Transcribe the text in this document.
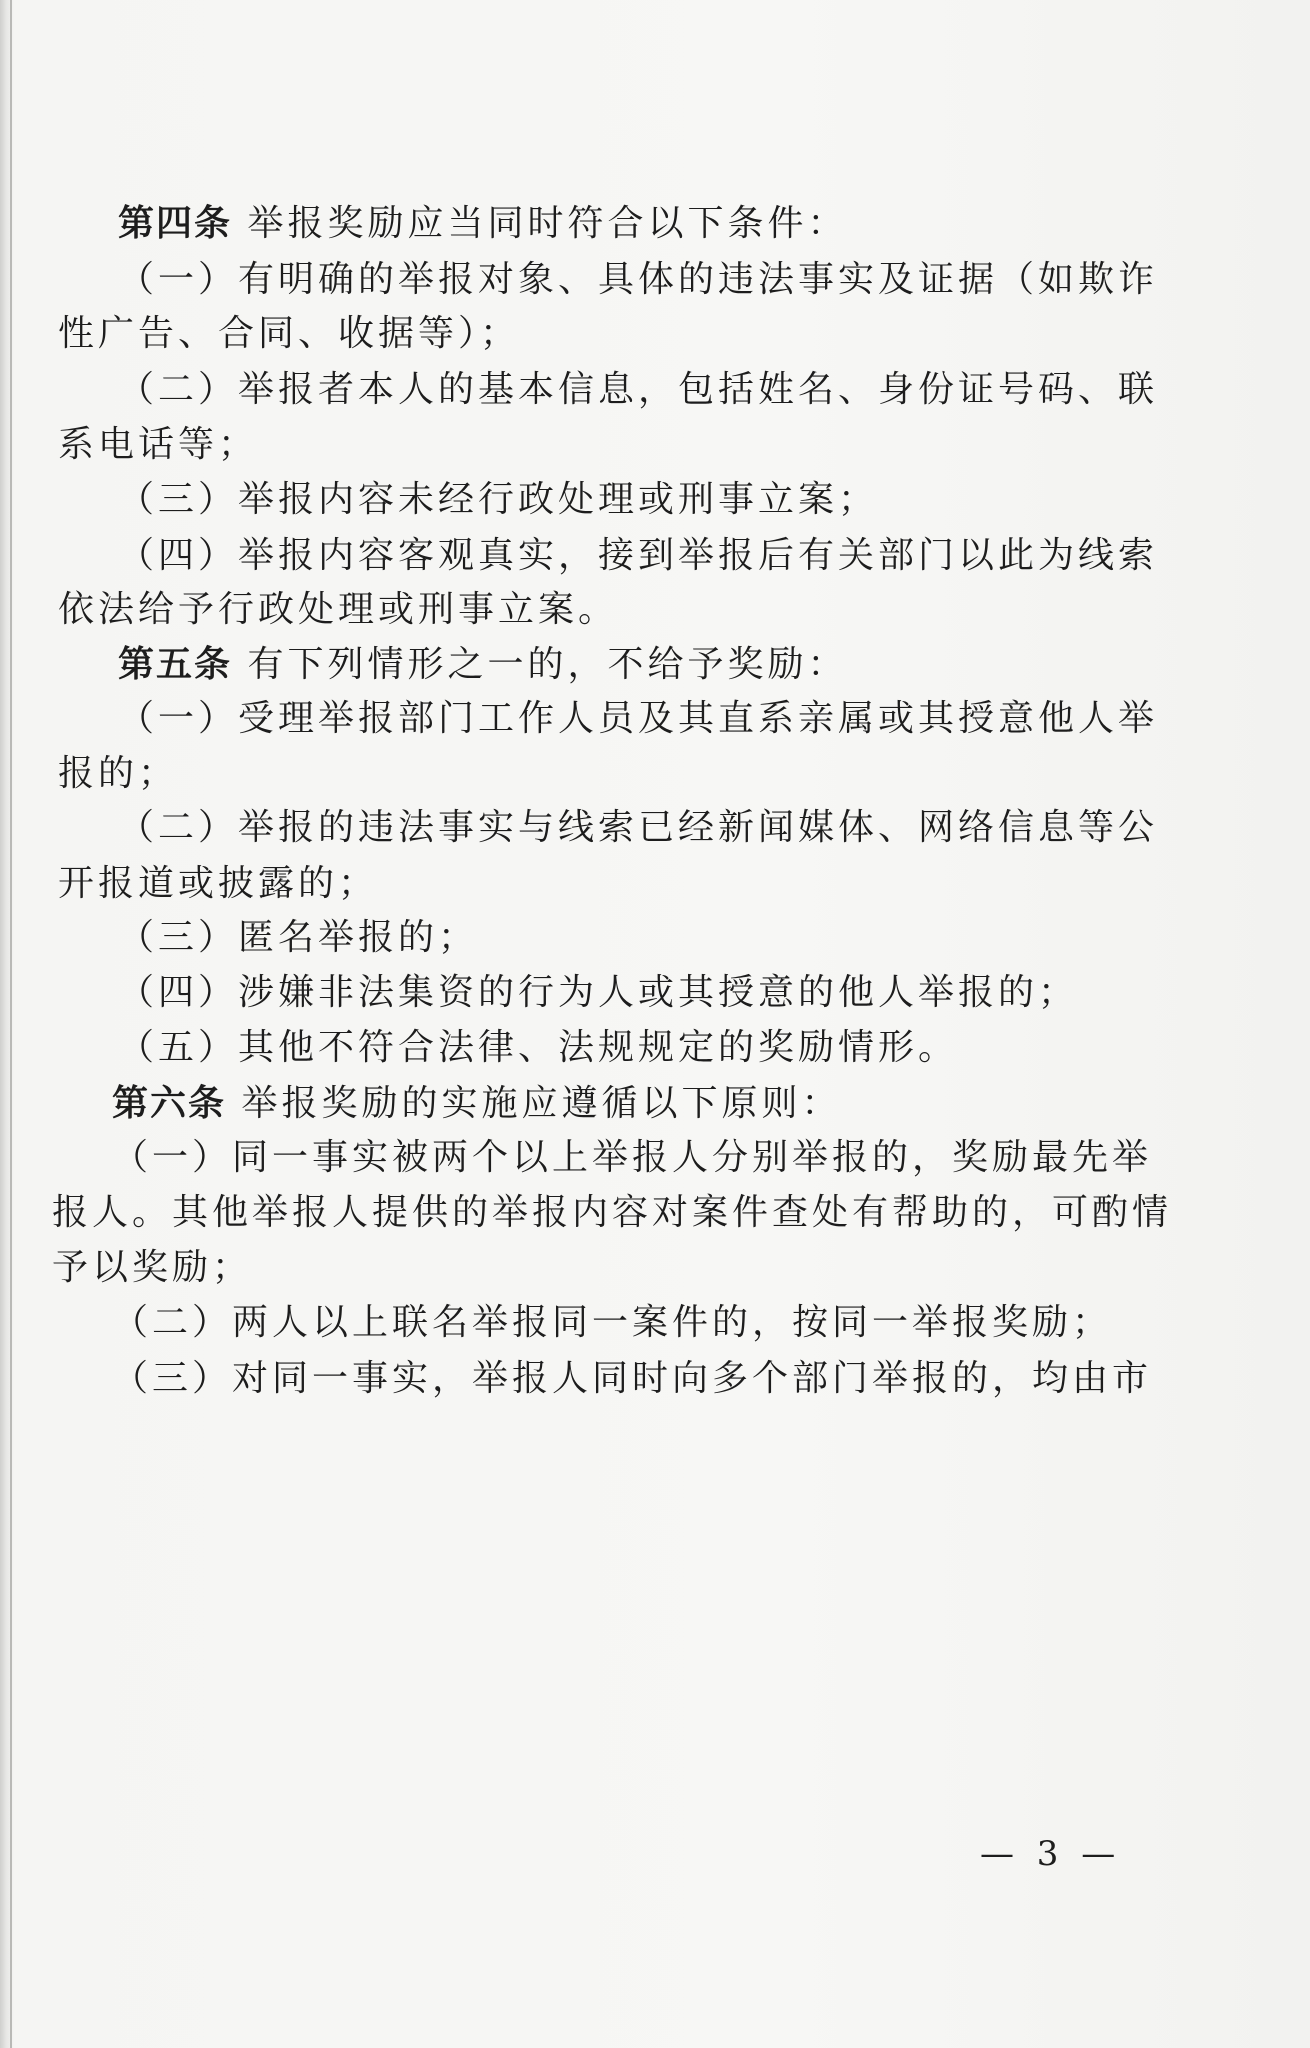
第四条 举报奖励应当同时符合以下条件：
（一）有明确的举报对象、具体的违法事实及证据（如欺诈
性广告、合同、收据等）；
（二）举报者本人的基本信息，包括姓名、身份证号码、联
系电话等；
（三）举报内容未经行政处理或刑事立案；
（四）举报内容客观真实，接到举报后有关部门以此为线索
依法给予行政处理或刑事立案。
第五条 有下列情形之一的，不给予奖励：
（一）受理举报部门工作人员及其直系亲属或其授意他人举
报的；
（二）举报的违法事实与线索已经新闻媒体、网络信息等公
开报道或披露的；
（三）匿名举报的；
（四）涉嫌非法集资的行为人或其授意的他人举报的；
（五）其他不符合法律、法规规定的奖励情形。
第六条 举报奖励的实施应遵循以下原则：
（一）同一事实被两个以上举报人分别举报的，奖励最先举
报人。其他举报人提供的举报内容对案件查处有帮助的，可酌情
予以奖励；
（二）两人以上联名举报同一案件的，按同一举报奖励；
（三）对同一事实，举报人同时向多个部门举报的，均由市
— 3 —
